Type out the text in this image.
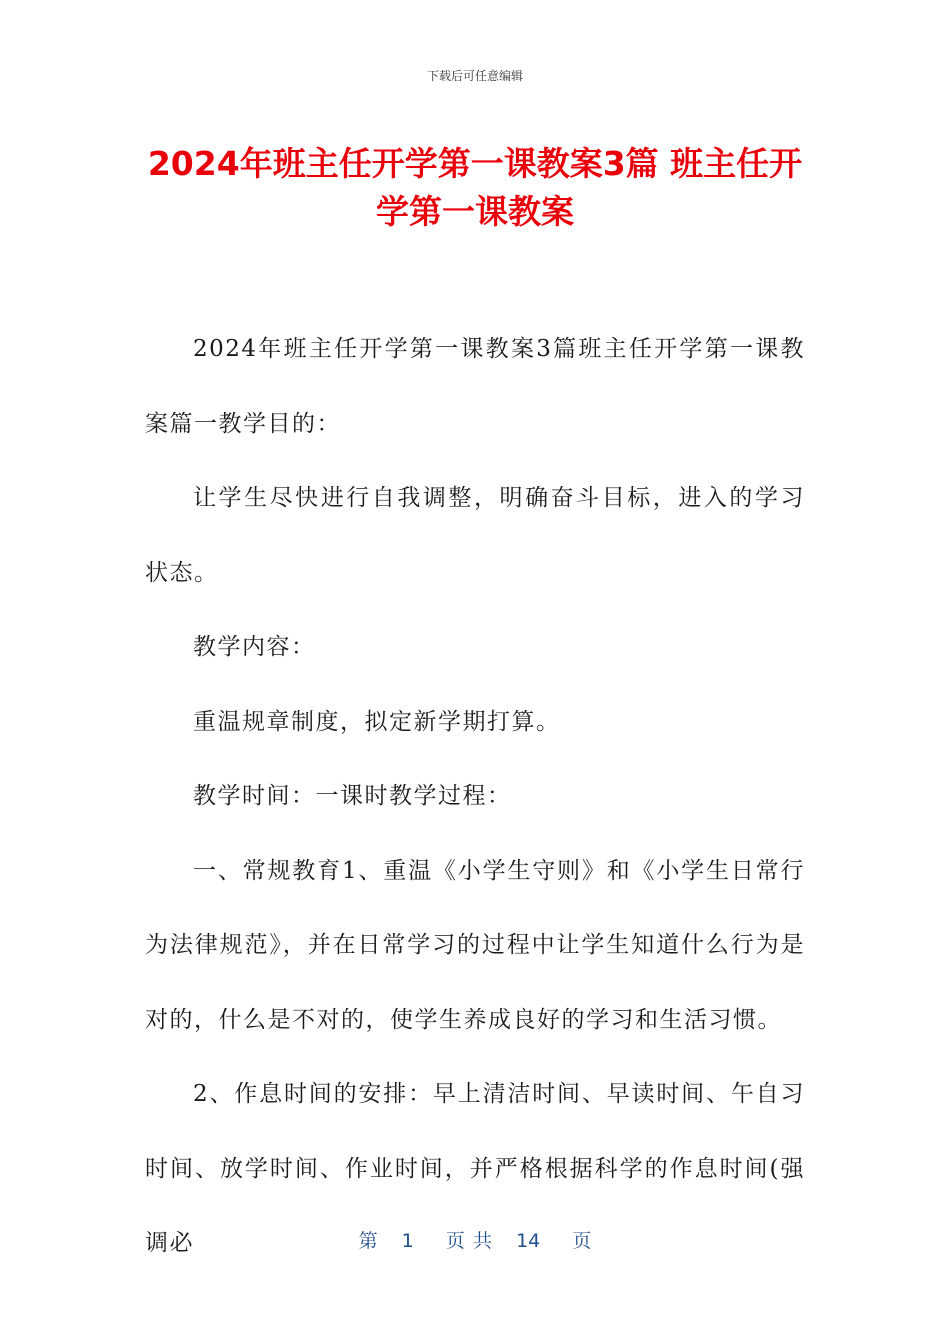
下载后可任意编辑
2024年班主任开学第一课教案3篇 班主任开学第一课教案

2024年班主任开学第一课教案3篇班主任开学第一课教案篇一教学目的：

让学生尽快进行自我调整，明确奋斗目标，进入的学习状态。

教学内容：

重温规章制度，拟定新学期打算。

教学时间：一课时教学过程：

一、常规教育1、重温《小学生守则》和《小学生日常行为法律规范》，并在日常学习的过程中让学生知道什么行为是对的，什么是不对的，使学生养成良好的学习和生活习惯。

2、作息时间的安排：早上清洁时间、早读时间、午自习时间、放学时间、作业时间，并严格根据科学的作息时间(强调必	第   1    页 共   14    页
